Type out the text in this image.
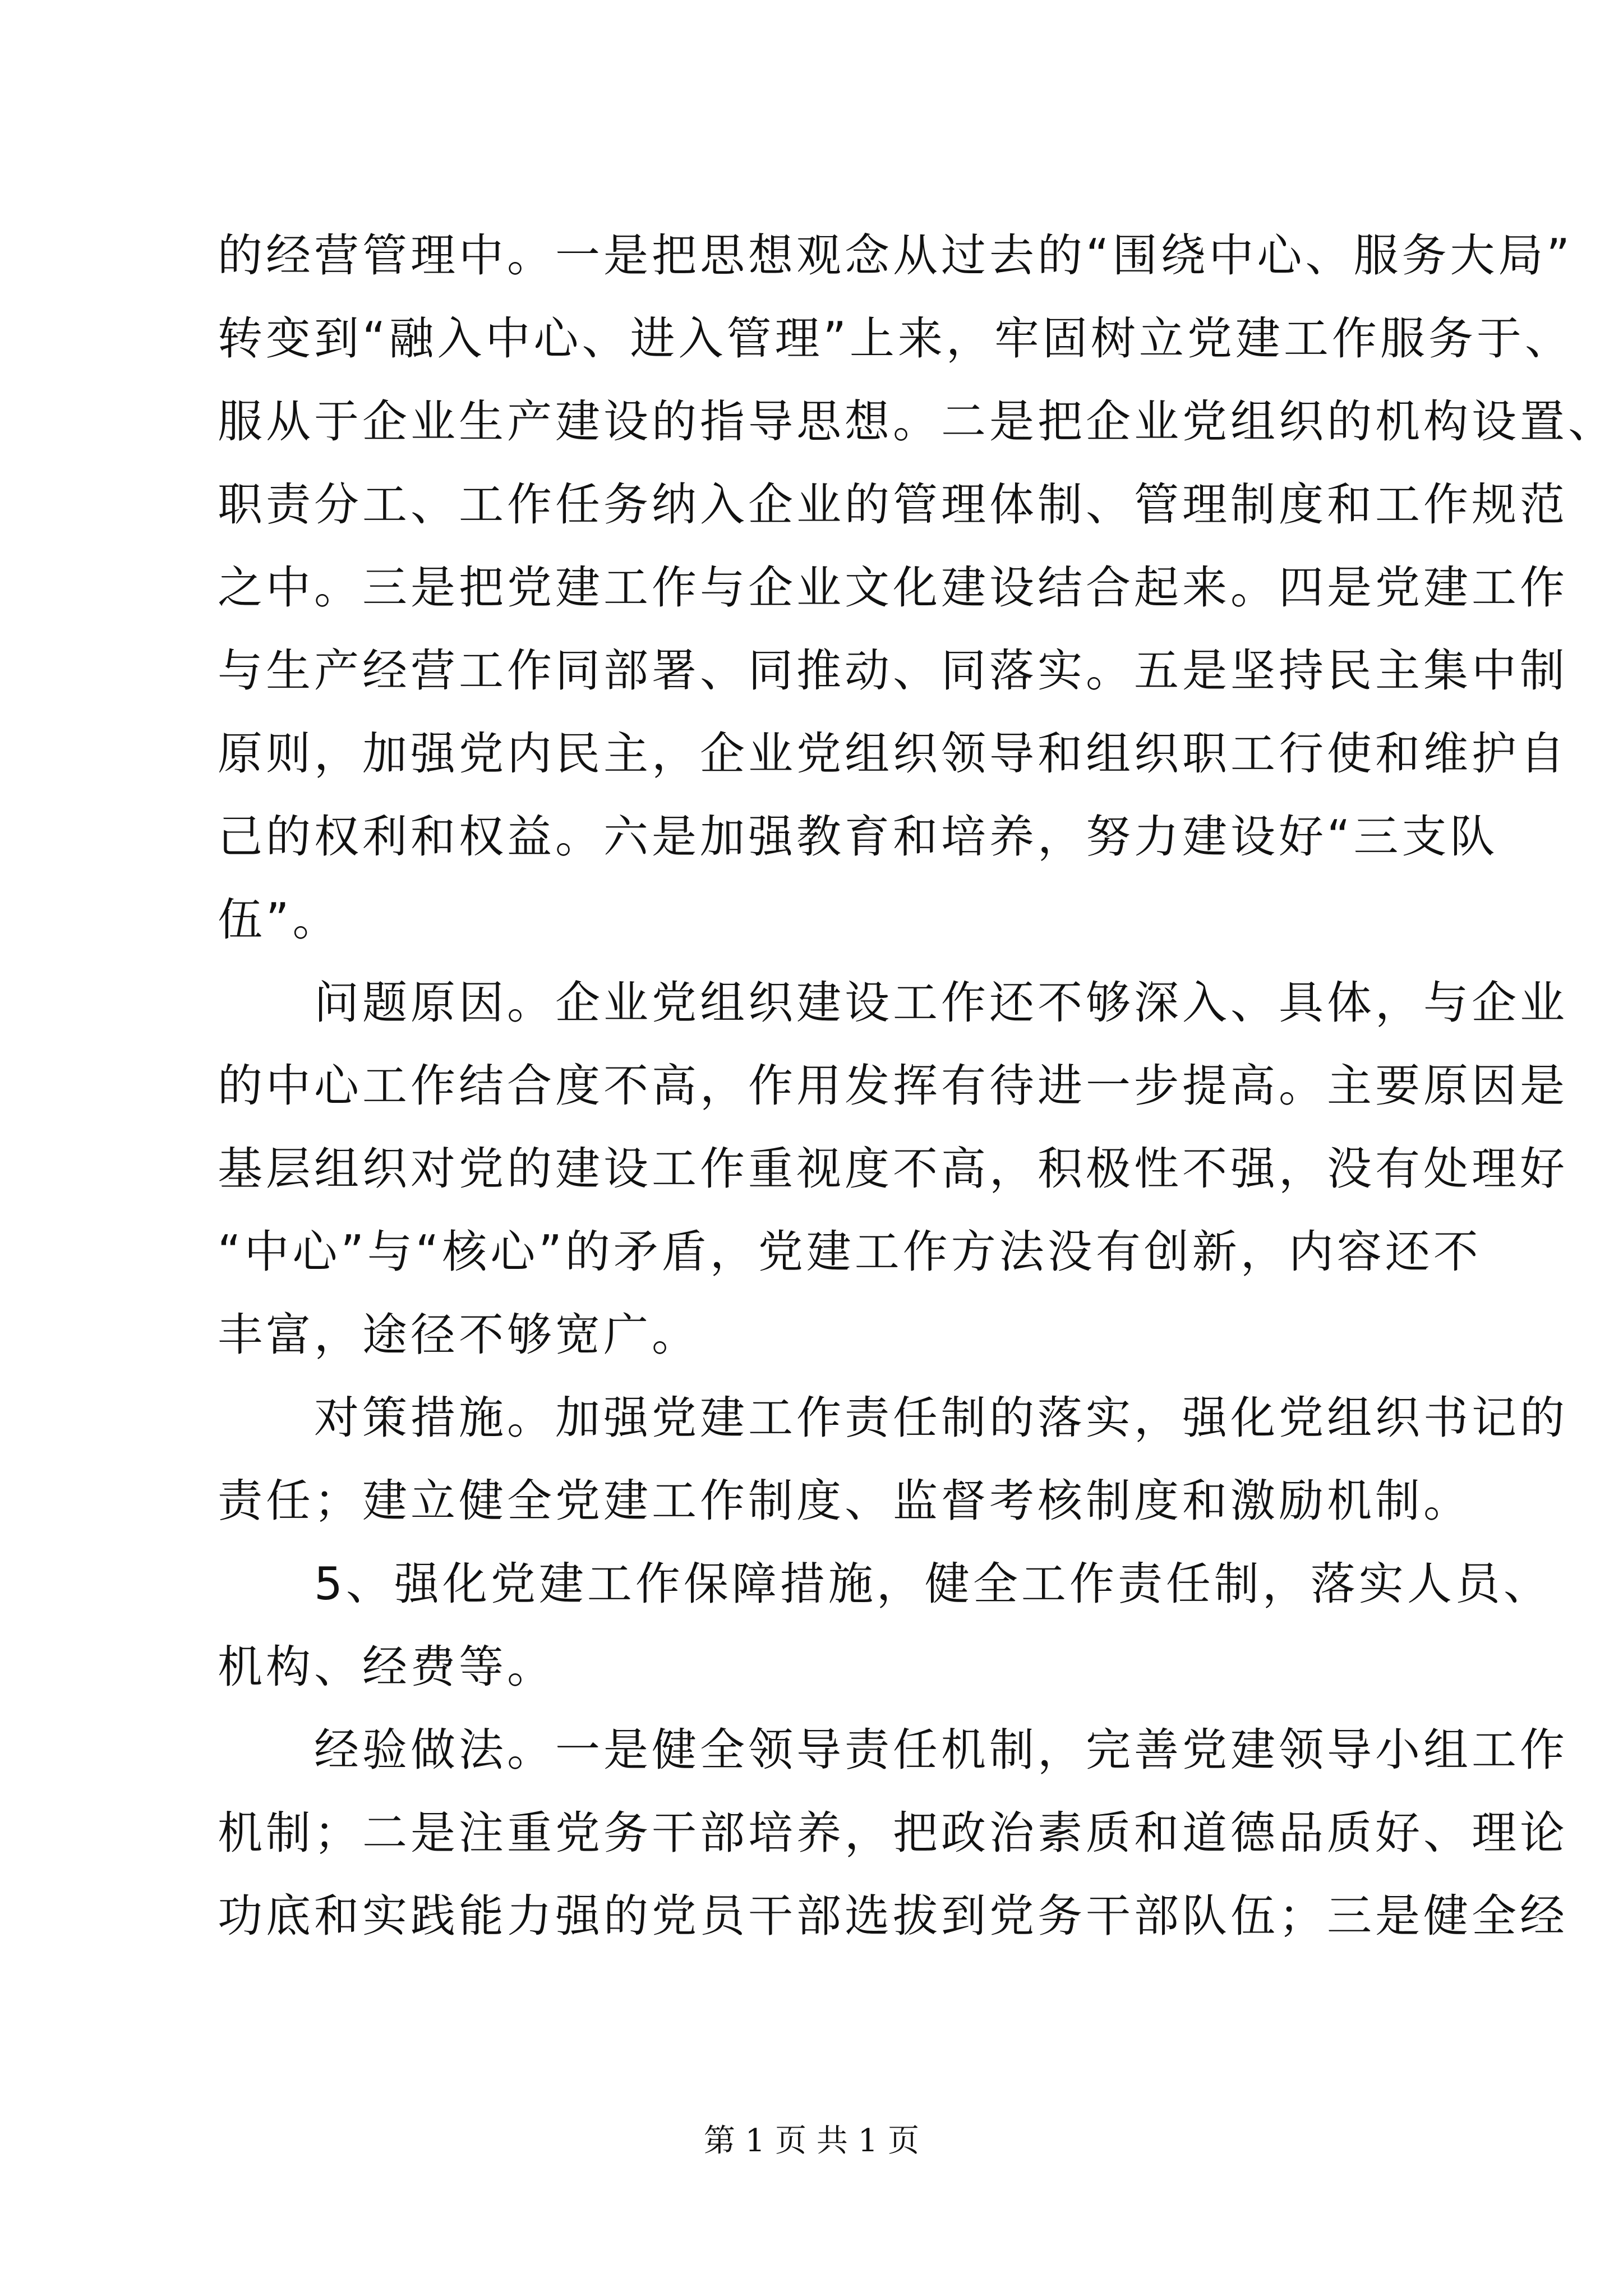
的经营管理中。一是把思想观念从过去的“围绕中心、服务大局”
转变到“融入中心、进入管理”上来，牢固树立党建工作服务于、
服从于企业生产建设的指导思想。二是把企业党组织的机构设置、
职责分工、工作任务纳入企业的管理体制、管理制度和工作规范
之中。三是把党建工作与企业文化建设结合起来。四是党建工作
与生产经营工作同部署、同推动、同落实。五是坚持民主集中制
原则，加强党内民主，企业党组织领导和组织职工行使和维护自
己的权利和权益。六是加强教育和培养，努力建设好“三支队
伍”。
　　问题原因。企业党组织建设工作还不够深入、具体，与企业
的中心工作结合度不高，作用发挥有待进一步提高。主要原因是
基层组织对党的建设工作重视度不高，积极性不强，没有处理好
“中心”与“核心”的矛盾，党建工作方法没有创新，内容还不
丰富，途径不够宽广。
　　对策措施。加强党建工作责任制的落实，强化党组织书记的
责任；建立健全党建工作制度、监督考核制度和激励机制。
　　5、强化党建工作保障措施，健全工作责任制，落实人员、
机构、经费等。
　　经验做法。一是健全领导责任机制，完善党建领导小组工作
机制；二是注重党务干部培养，把政治素质和道德品质好、理论
功底和实践能力强的党员干部选拔到党务干部队伍；三是健全经
第 1 页 共 1 页
